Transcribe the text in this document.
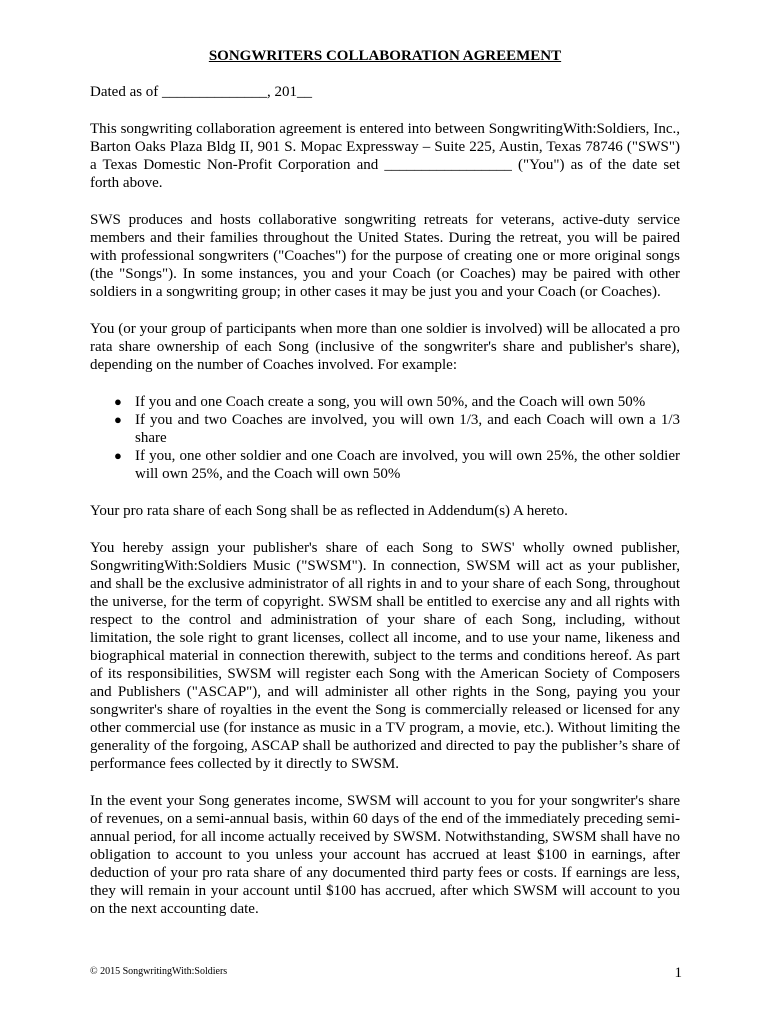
SONGWRITERS COLLABORATION AGREEMENT

Dated as of ______________, 201__

This songwriting collaboration agreement is entered into between SongwritingWith:Soldiers, Inc., Barton Oaks Plaza Bldg II, 901 S. Mopac Expressway – Suite 225, Austin, Texas 78746 ("SWS") a Texas Domestic Non-Profit Corporation and _________________ ("You") as of the date set forth above.

SWS produces and hosts collaborative songwriting retreats for veterans, active-duty service members and their families throughout the United States. During the retreat, you will be paired with professional songwriters ("Coaches") for the purpose of creating one or more original songs (the "Songs"). In some instances, you and your Coach (or Coaches) may be paired with other soldiers in a songwriting group; in other cases it may be just you and your Coach (or Coaches).

You (or your group of participants when more than one soldier is involved) will be allocated a pro rata share ownership of each Song (inclusive of the songwriter's share and publisher's share), depending on the number of Coaches involved. For example:

● If you and one Coach create a song, you will own 50%, and the Coach will own 50%
● If you and two Coaches are involved, you will own 1/3, and each Coach will own a 1/3 share
● If you, one other soldier and one Coach are involved, you will own 25%, the other soldier will own 25%, and the Coach will own 50%

Your pro rata share of each Song shall be as reflected in Addendum(s) A hereto.

You hereby assign your publisher's share of each Song to SWS' wholly owned publisher, SongwritingWith:Soldiers Music ("SWSM"). In connection, SWSM will act as your publisher, and shall be the exclusive administrator of all rights in and to your share of each Song, throughout the universe, for the term of copyright. SWSM shall be entitled to exercise any and all rights with respect to the control and administration of your share of each Song, including, without limitation, the sole right to grant licenses, collect all income, and to use your name, likeness and biographical material in connection therewith, subject to the terms and conditions hereof. As part of its responsibilities, SWSM will register each Song with the American Society of Composers and Publishers ("ASCAP"), and will administer all other rights in the Song, paying you your songwriter's share of royalties in the event the Song is commercially released or licensed for any other commercial use (for instance as music in a TV program, a movie, etc.). Without limiting the generality of the forgoing, ASCAP shall be authorized and directed to pay the publisher’s share of performance fees collected by it directly to SWSM.

In the event your Song generates income, SWSM will account to you for your songwriter's share of revenues, on a semi-annual basis, within 60 days of the end of the immediately preceding semi-annual period, for all income actually received by SWSM. Notwithstanding, SWSM shall have no obligation to account to you unless your account has accrued at least $100 in earnings, after deduction of your pro rata share of any documented third party fees or costs. If earnings are less, they will remain in your account until $100 has accrued, after which SWSM will account to you on the next accounting date.

© 2015 SongwritingWith:Soldiers	1
